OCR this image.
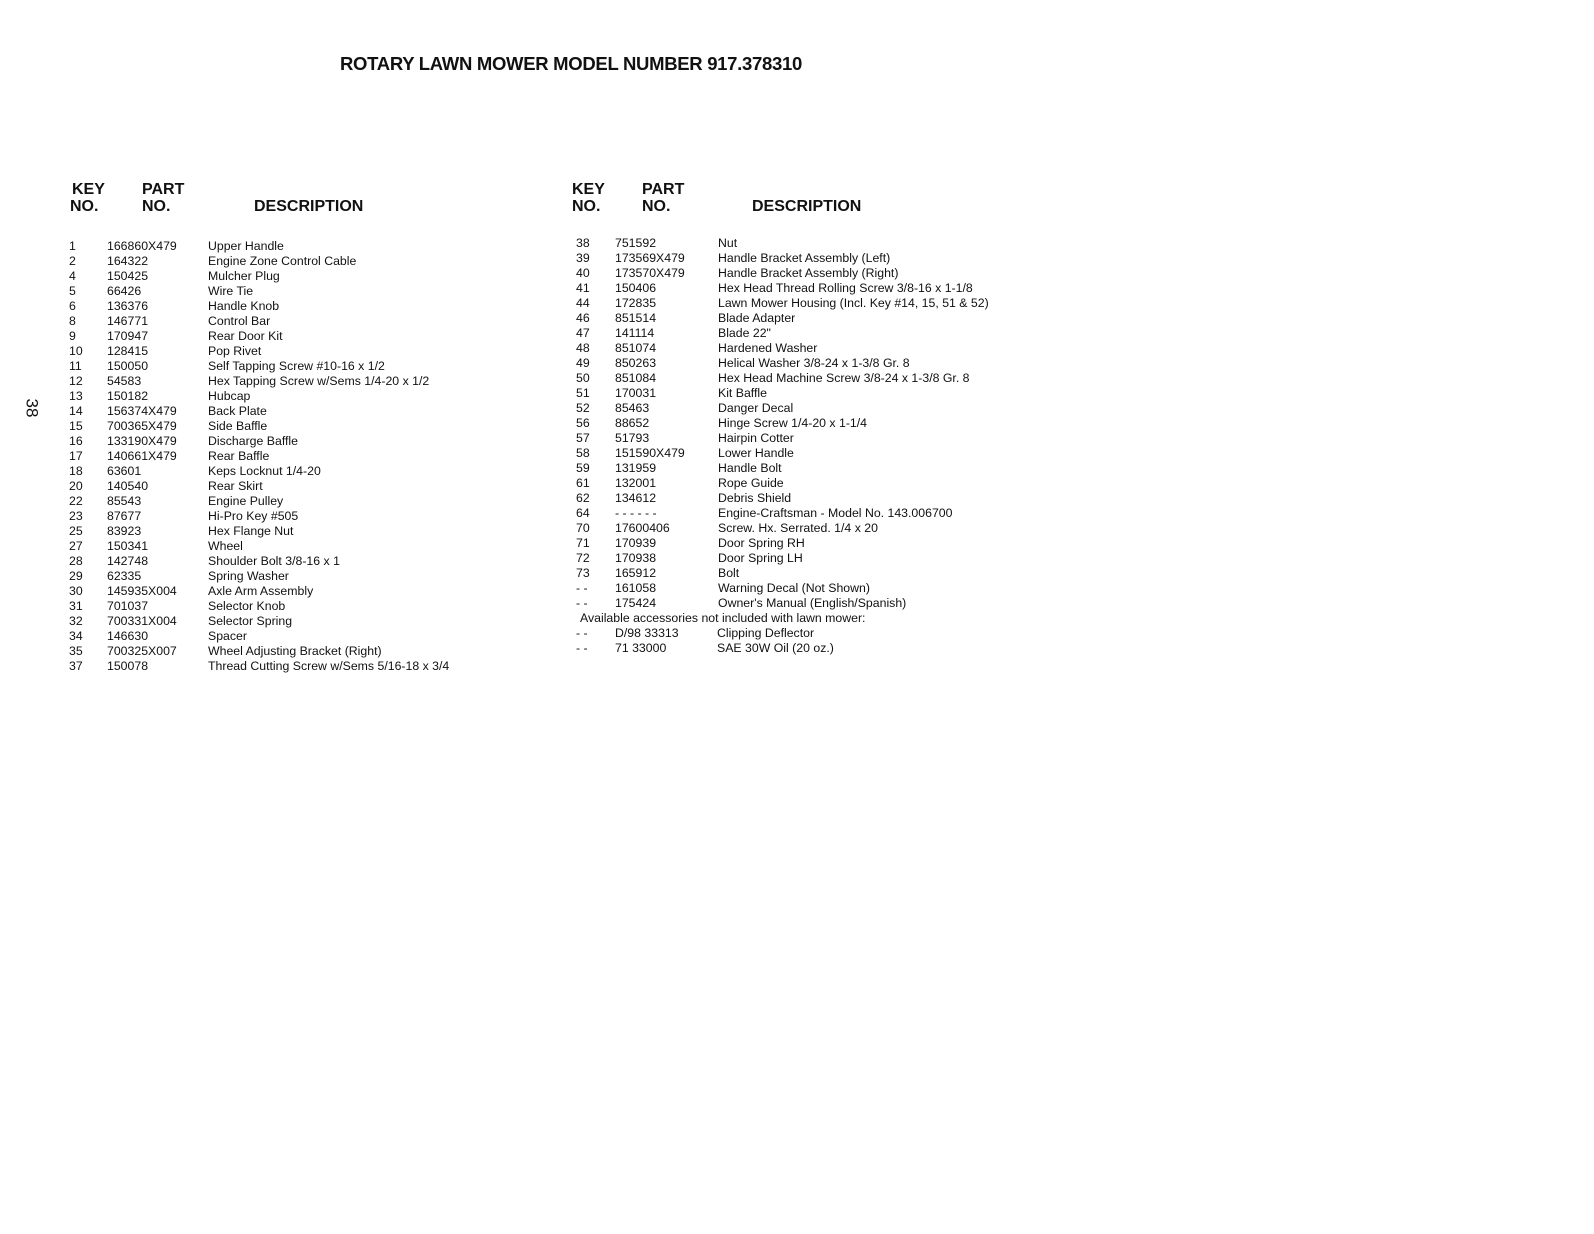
ROTARY LAWN MOWER MODEL NUMBER 917.378310
38
KEY
NO.
PART
NO.	DESCRIPTION
1	166860X479	Upper Handle
2	164322	Engine Zone Control Cable
4	150425	Mulcher Plug
5	66426	Wire Tie
6	136376	Handle Knob
8	146771	Control Bar
9	170947	Rear Door Kit
10 128415	Pop Rivet
11 150050	Self Tapping Screw #10-16 x 1/2
12 54583	Hex Tapping Screw w/Sems 1/4-20 x 1/2
13 150182	Hubcap
14 156374X479	Back Plate
15 700365X479	Side Baffle
16 133190X479	Discharge Baffle
17 140661X479	Rear Baffle
18 63601	Keps Locknut 1/4-20
20 140540	Rear Skirt
22 85543	Engine Pulley
23 87677	Hi-Pro Key #505
25 83923	Hex Flange Nut
27 150341	Wheel
28 142748	Shoulder Bolt 3/8-16 x 1
29 62335	Spring Washer
30 145935X004	Axle Arm Assembly
31 701037	Selector Knob
32 700331X004	Selector Spring
34 146630	Spacer
35 700325X007	Wheel Adjusting Bracket (Right)
37 150078	Thread Cutting Screw w/Sems 5/16-18 x 3/4
KEY
NO.
PART
NO.	DESCRIPTION
38 751592	Nut
39 173569X479	Handle Bracket Assembly (Left)
40 173570X479	Handle Bracket Assembly (Right)
41 150406	Hex Head Thread Rolling Screw 3/8-16 x 1-1/8
44 172835	Lawn Mower Housing (Incl. Key #14, 15, 51 & 52)
46 851514	Blade Adapter
47 141114	Blade 22"
48 851074	Hardened Washer
49 850263	Helical Washer 3/8-24 x 1-3/8 Gr. 8
50 851084	Hex Head Machine Screw 3/8-24 x 1-3/8 Gr. 8
51 170031	Kit Baffle
52 85463	Danger Decal
56 88652	Hinge Screw 1/4-20 x 1-1/4
57 51793	Hairpin Cotter
58 151590X479	Lower Handle
59 131959	Handle Bolt
61 132001	Rope Guide
62 134612	Debris Shield
64 - - - - - -	Engine-Craftsman - Model No. 143.006700
70 17600406	Screw. Hx. Serrated. 1/4 x 20
71 170939	Door Spring RH
72 170938	Door Spring LH
73 165912	Bolt
- - 161058	Warning Decal (Not Shown)
- - 175424	Owner's Manual (English/Spanish)
Available accessories not included with lawn mower:
- - D/98 33313	Clipping Deflector
- - 71 33000	SAE 30W Oil (20 oz.)
